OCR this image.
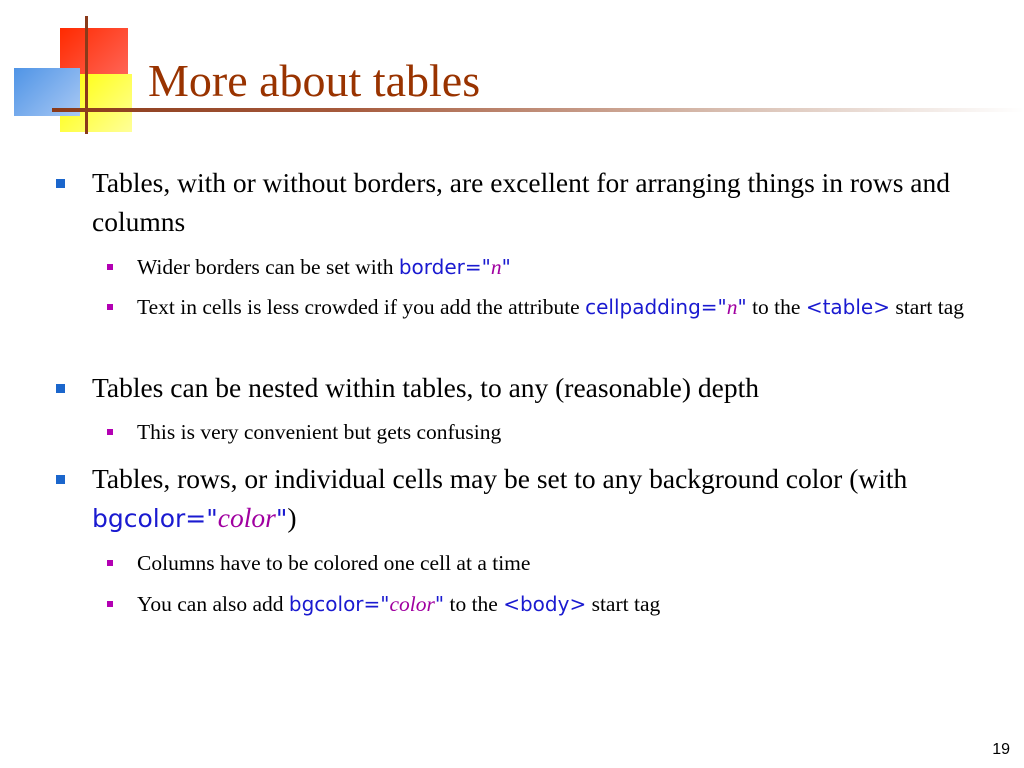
More about tables
Tables, with or without borders, are excellent for arranging things in rows and columns
Wider borders can be set with border="n"
Text in cells is less crowded if you add the attribute cellpadding="n" to the <table> start tag
Tables can be nested within tables, to any (reasonable) depth
This is very convenient but gets confusing
Tables, rows, or individual cells may be set to any background color (with bgcolor="color")
Columns have to be colored one cell at a time
You can also add bgcolor="color" to the <body> start tag
19
